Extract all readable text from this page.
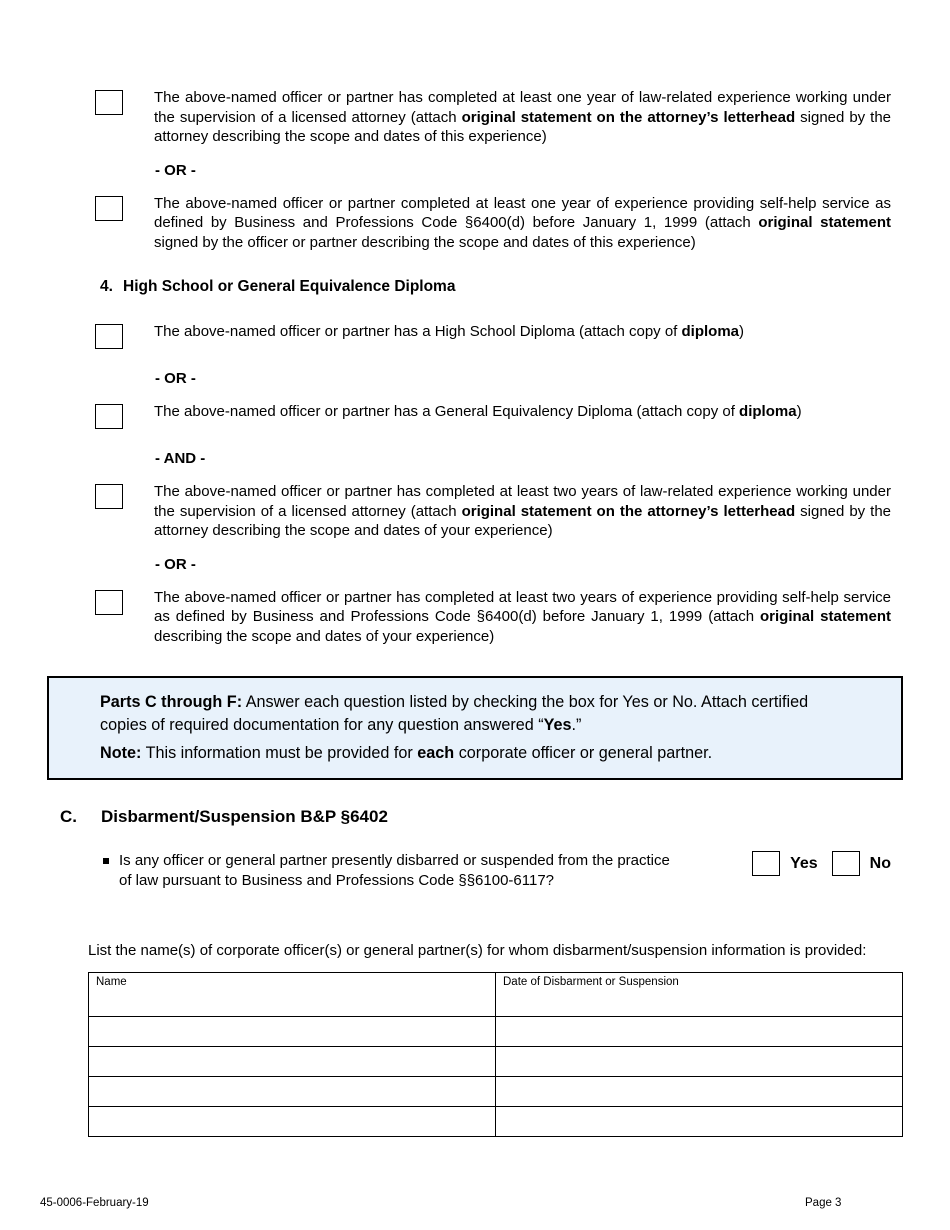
The above-named officer or partner has completed at least one year of law-related experience working under the supervision of a licensed attorney (attach original statement on the attorney’s letterhead signed by the attorney describing the scope and dates of this experience)

- OR -

The above-named officer or partner completed at least one year of experience providing self-help service as defined by Business and Professions Code §6400(d) before January 1, 1999 (attach original statement signed by the officer or partner describing the scope and dates of this experience)

4. High School or General Equivalence Diploma

The above-named officer or partner has a High School Diploma (attach copy of diploma)

- OR -

The above-named officer or partner has a General Equivalency Diploma (attach copy of diploma)

- AND -

The above-named officer or partner has completed at least two years of law-related experience working under the supervision of a licensed attorney (attach original statement on the attorney’s letterhead signed by the attorney describing the scope and dates of your experience)

- OR -

The above-named officer or partner has completed at least two years of experience providing self-help service as defined by Business and Professions Code §6400(d) before January 1, 1999 (attach original statement describing the scope and dates of your experience)

Parts C through F: Answer each question listed by checking the box for Yes or No. Attach certified copies of required documentation for any question answered “Yes.”

Note: This information must be provided for each corporate officer or general partner.

C.	Disbarment/Suspension B&P §6402

Is any officer or general partner presently disbarred or suspended from the practice of law pursuant to Business and Professions Code §§6100-6117?

Yes	No

List the name(s) of corporate officer(s) or general partner(s) for whom disbarment/suspension information is provided:

Name	Date of Disbarment or Suspension

45-0006-February-19	Page 3
